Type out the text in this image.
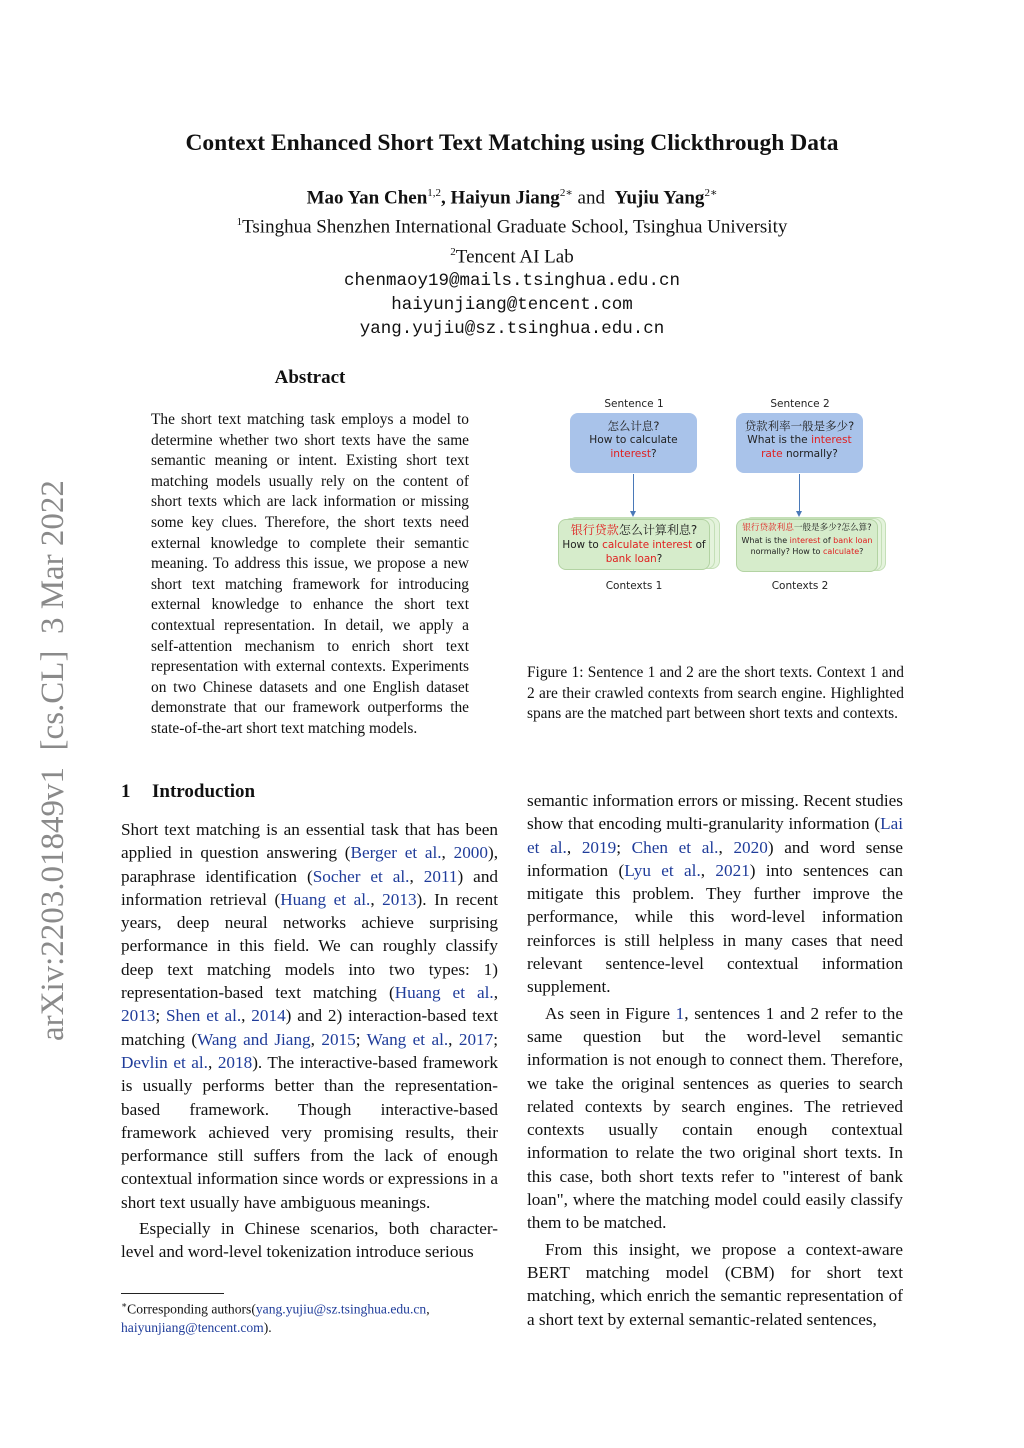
arXiv:2203.01849v1  [cs.CL]  3 Mar 2022
Context Enhanced Short Text Matching using Clickthrough Data
Mao Yan Chen$^{1,2}$, Haiyun Jiang$^{2∗}$ and Yujiu Yang$^{2∗}$
$^1$Tsinghua Shenzhen International Graduate School, Tsinghua University
$^2$Tencent AI Lab
chenmaoy19@mails.tsinghua.edu.cn
haiyunjiang@tencent.com
yang.yujiu@sz.tsinghua.edu.cn
Abstract
The short text matching task employs a model to determine whether two short texts have the same semantic meaning or intent. Existing short text matching models usually rely on the content of short texts which are lack information or missing some key clues. Therefore, the short texts need external knowledge to complete their semantic meaning. To address this issue, we propose a new short text matching framework for introducing external knowledge to enhance the short text contextual representation. In detail, we apply a self-attention mechanism to enrich short text representation with external contexts. Experiments on two Chinese datasets and one English dataset demonstrate that our framework outperforms the state-of-the-art short text matching models.
1 Introduction

Short text matching is an essential task that has been applied in question answering (Berger et al., 2000), paraphrase identification (Socher et al., 2011) and information retrieval (Huang et al., 2013). In recent years, deep neural networks achieve surprising performance in this field. We can roughly classify deep text matching models into two types: 1) representation-based text matching (Huang et al., 2013; Shen et al., 2014) and 2) interaction-based text matching (Wang and Jiang, 2015; Wang et al., 2017; Devlin et al., 2018). The interactive-based framework is usually performs better than the representation-based framework. Though interactive-based framework achieved very promising results, their performance still suffers from the lack of enough contextual information since words or expressions in a short text usually have ambiguous meanings.

Especially in Chinese scenarios, both character-level and word-level tokenization introduce serious

∗Corresponding authors(yang.yujiu@sz.tsinghua.edu.cn,
haiyunjiang@tencent.com).
Sentence 1	Sentence 2
怎么计息?
How to calculate
interest?
贷款利率一般是多少?
What is the interest
rate normally?
银行贷款怎么计算利息?
How to calculate interest of
bank loan?
银行贷款利息一般是多少?怎么算?
What is the interest of bank loan
normally? How to calculate?
Contexts 1	Contexts 2
Figure 1: Sentence 1 and 2 are the short texts. Context 1 and 2 are their crawled contexts from search engine. Highlighted spans are the matched part between short texts and contexts.

semantic information errors or missing. Recent studies show that encoding multi-granularity information (Lai et al., 2019; Chen et al., 2020) and word sense information (Lyu et al., 2021) into sentences can mitigate this problem. They further improve the performance, while this word-level information reinforces is still helpless in many cases that need relevant sentence-level contextual information supplement.

As seen in Figure 1, sentences 1 and 2 refer to the same question but the word-level semantic information is not enough to connect them. Therefore, we take the original sentences as queries to search related contexts by search engines. The retrieved contexts usually contain enough contextual information to relate the two original short texts. In this case, both short texts refer to "interest of bank loan", where the matching model could easily classify them to be matched.

From this insight, we propose a context-aware BERT matching model (CBM) for short text matching, which enrich the semantic representation of a short text by external semantic-related sentences,
